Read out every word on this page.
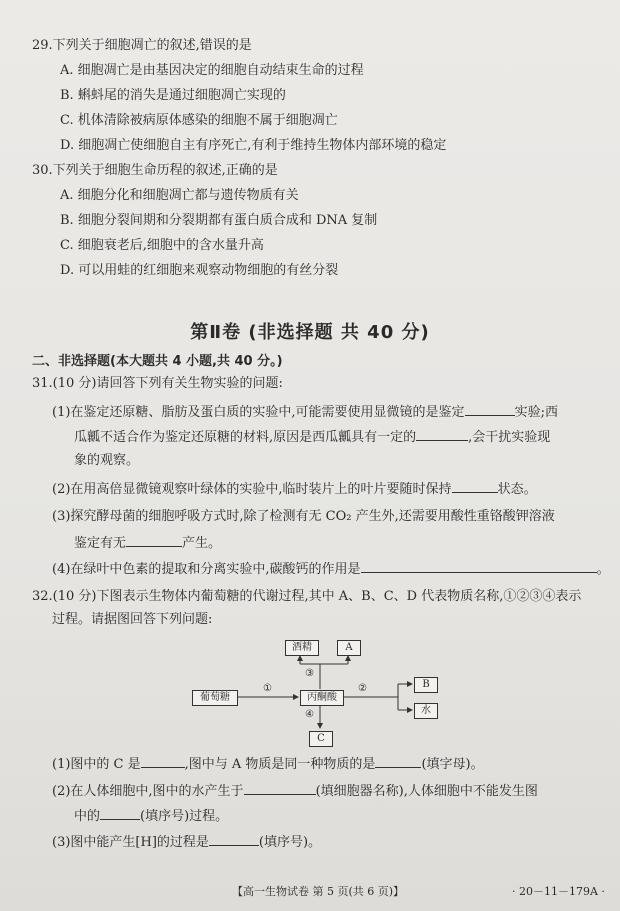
29.下列关于细胞凋亡的叙述,错误的是
A. 细胞凋亡是由基因决定的细胞自动结束生命的过程
B. 蝌蚪尾的消失是通过细胞凋亡实现的
C. 机体清除被病原体感染的细胞不属于细胞凋亡
D. 细胞凋亡使细胞自主有序死亡,有利于维持生物体内部环境的稳定
30.下列关于细胞生命历程的叙述,正确的是
A. 细胞分化和细胞凋亡都与遗传物质有关
B. 细胞分裂间期和分裂期都有蛋白质合成和 DNA 复制
C. 细胞衰老后,细胞中的含水量升高
D. 可以用蛙的红细胞来观察动物细胞的有丝分裂
第Ⅱ卷 (非选择题 共 40 分)
二、非选择题(本大题共 4 小题,共 40 分。)
31.(10 分)请回答下列有关生物实验的问题:
(1)在鉴定还原糖、脂肪及蛋白质的实验中,可能需要使用显微镜的是鉴定	实验;西
瓜瓤不适合作为鉴定还原糖的材料,原因是西瓜瓤具有一定的	,会干扰实验现
象的观察。
(2)在用高倍显微镜观察叶绿体的实验中,临时装片上的叶片要随时保持	状态。
(3)探究酵母菌的细胞呼吸方式时,除了检测有无 CO₂ 产生外,还需要用酸性重铬酸钾溶液
鉴定有无	产生。
(4)在绿叶中色素的提取和分离实验中,碳酸钙的作用是	。
32.(10 分)下图表示生物体内葡萄糖的代谢过程,其中 A、B、C、D 代表物质名称,①②③④表示
过程。请据图回答下列问题:
酒精	A
葡萄糖	丙酮酸
B
水
C
①	②
③
④
(1)图中的 C 是	,图中与 A 物质是同一种物质的是	(填字母)。
(2)在人体细胞中,图中的水产生于	(填细胞器名称),人体细胞中不能发生图
中的	(填序号)过程。
(3)图中能产生[H]的过程是	(填序号)。
【高一生物试卷 第 5 页(共 6 页)】	· 20－11－179A ·
